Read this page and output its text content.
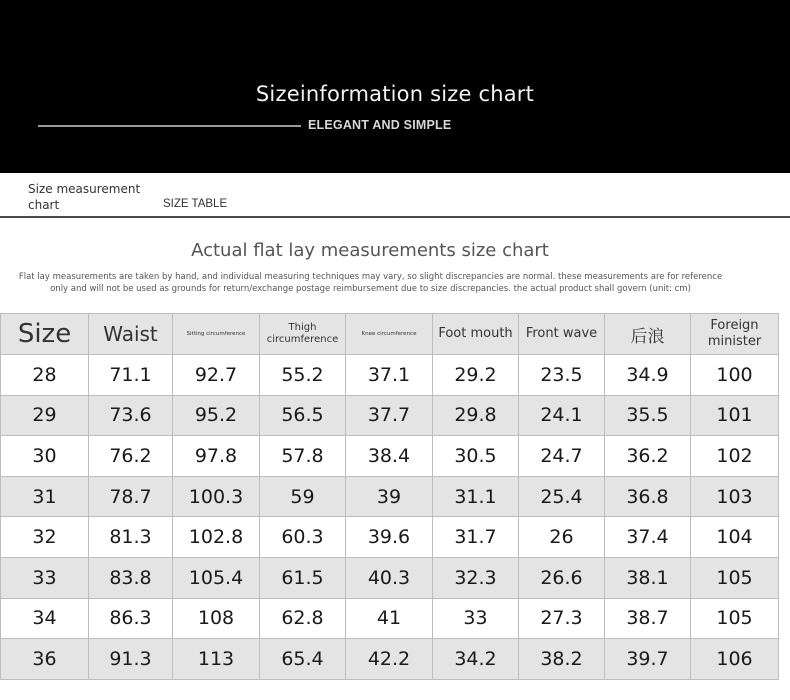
Sizeinformation size chart
ELEGANT AND SIMPLE
Size measurement chart	SIZE TABLE
Actual flat lay measurements size chart
Flat lay measurements are taken by hand, and individual measuring techniques may vary, so slight discrepancies are normal. these measurements are for reference only and will not be used as grounds for return/exchange postage reimbursement due to size discrepancies. the actual product shall govern (unit: cm)
Size	Waist	Sitting circumference	Thigh circumference	Knee circumference	Foot mouth	Front wave	后浪	Foreign minister
28	71.1	92.7	55.2	37.1	29.2	23.5	34.9	100
29	73.6	95.2	56.5	37.7	29.8	24.1	35.5	101
30	76.2	97.8	57.8	38.4	30.5	24.7	36.2	102
31	78.7	100.3	59	39	31.1	25.4	36.8	103
32	81.3	102.8	60.3	39.6	31.7	26	37.4	104
33	83.8	105.4	61.5	40.3	32.3	26.6	38.1	105
34	86.3	108	62.8	41	33	27.3	38.7	105
36	91.3	113	65.4	42.2	34.2	38.2	39.7	106
